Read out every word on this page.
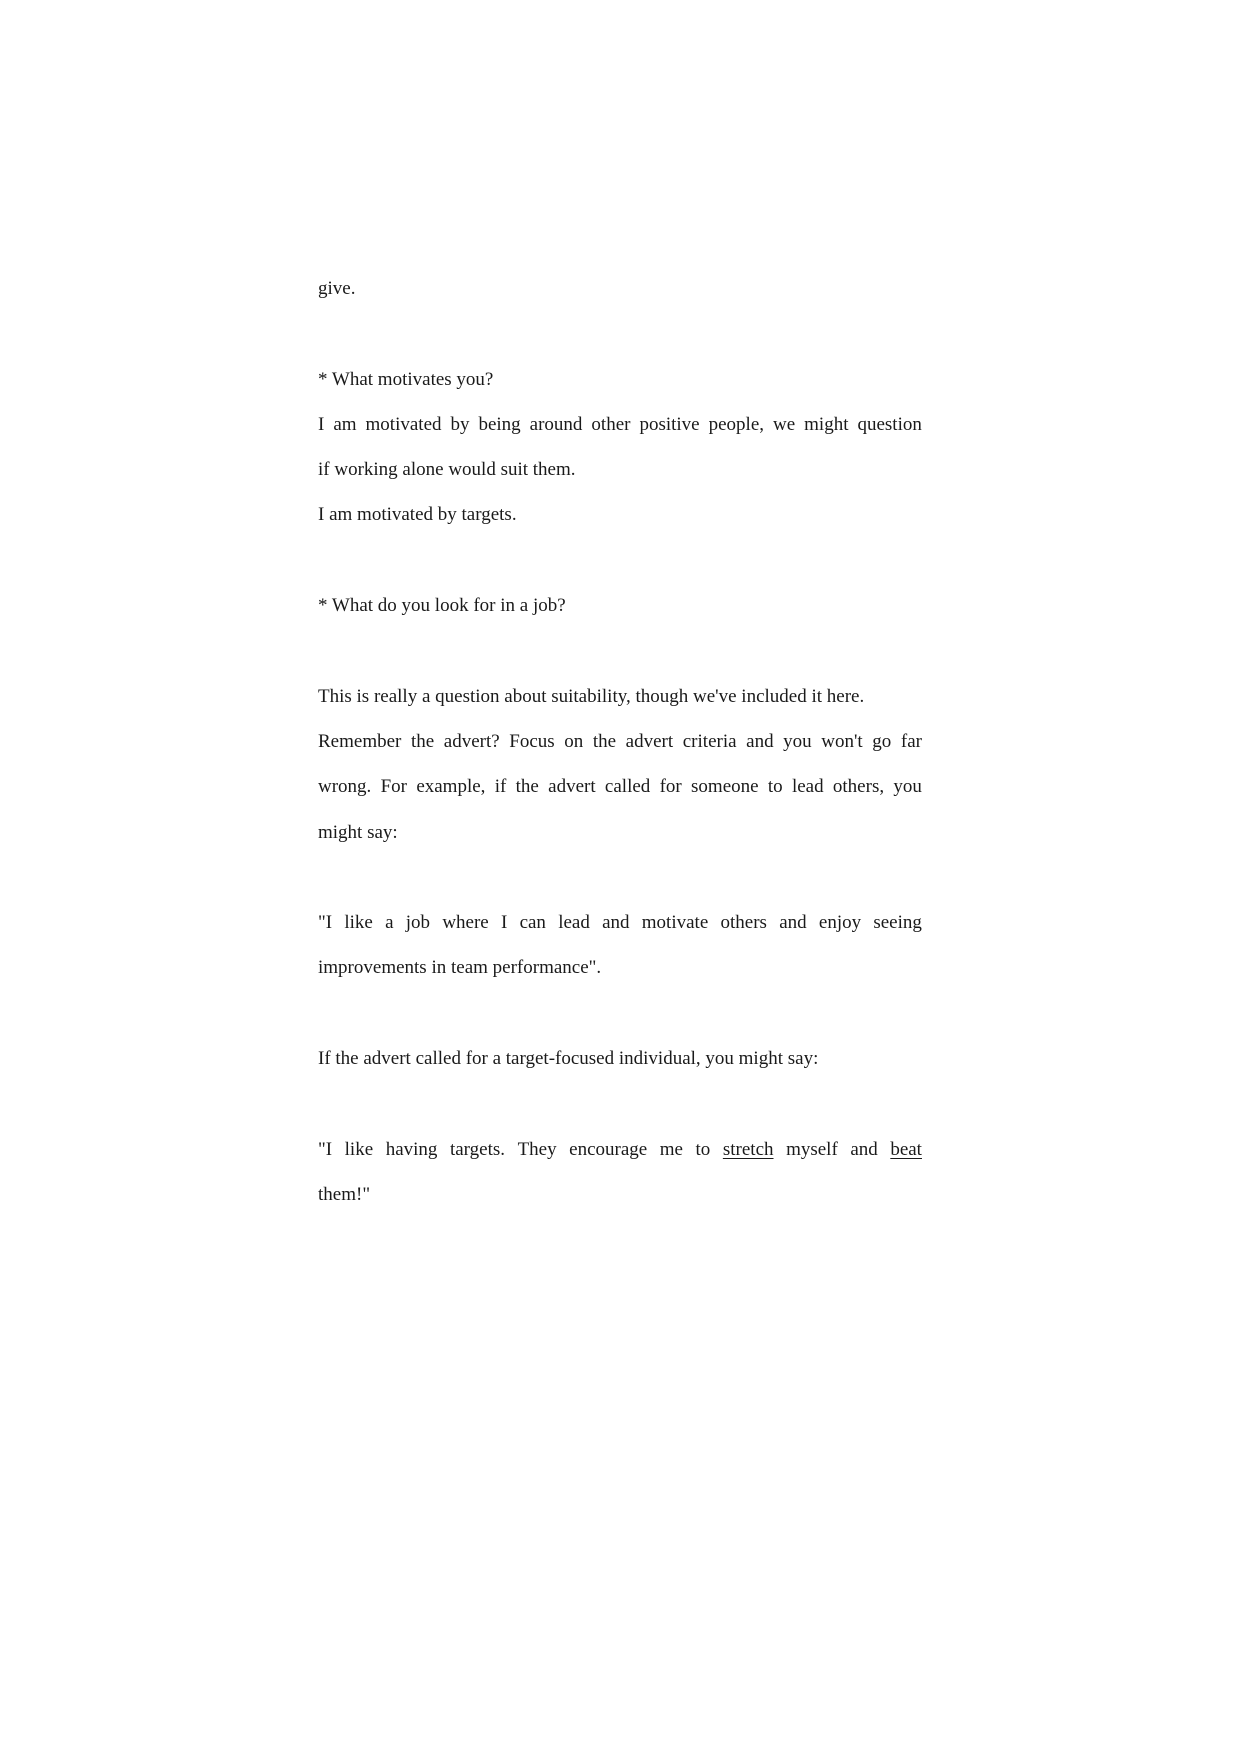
give.
* What motivates you?
I am motivated by being around other positive people, we might question
if working alone would suit them.
I am motivated by targets.
* What do you look for in a job?
This is really a question about suitability, though we've included it here.
Remember the advert? Focus on the advert criteria and you won't go far
wrong. For example, if the advert called for someone to lead others, you
might say:
"I like a job where I can lead and motivate others and enjoy seeing
improvements in team performance".
If the advert called for a target-focused individual, you might say:
"I like having targets. They encourage me to stretch myself and beat
them!"
